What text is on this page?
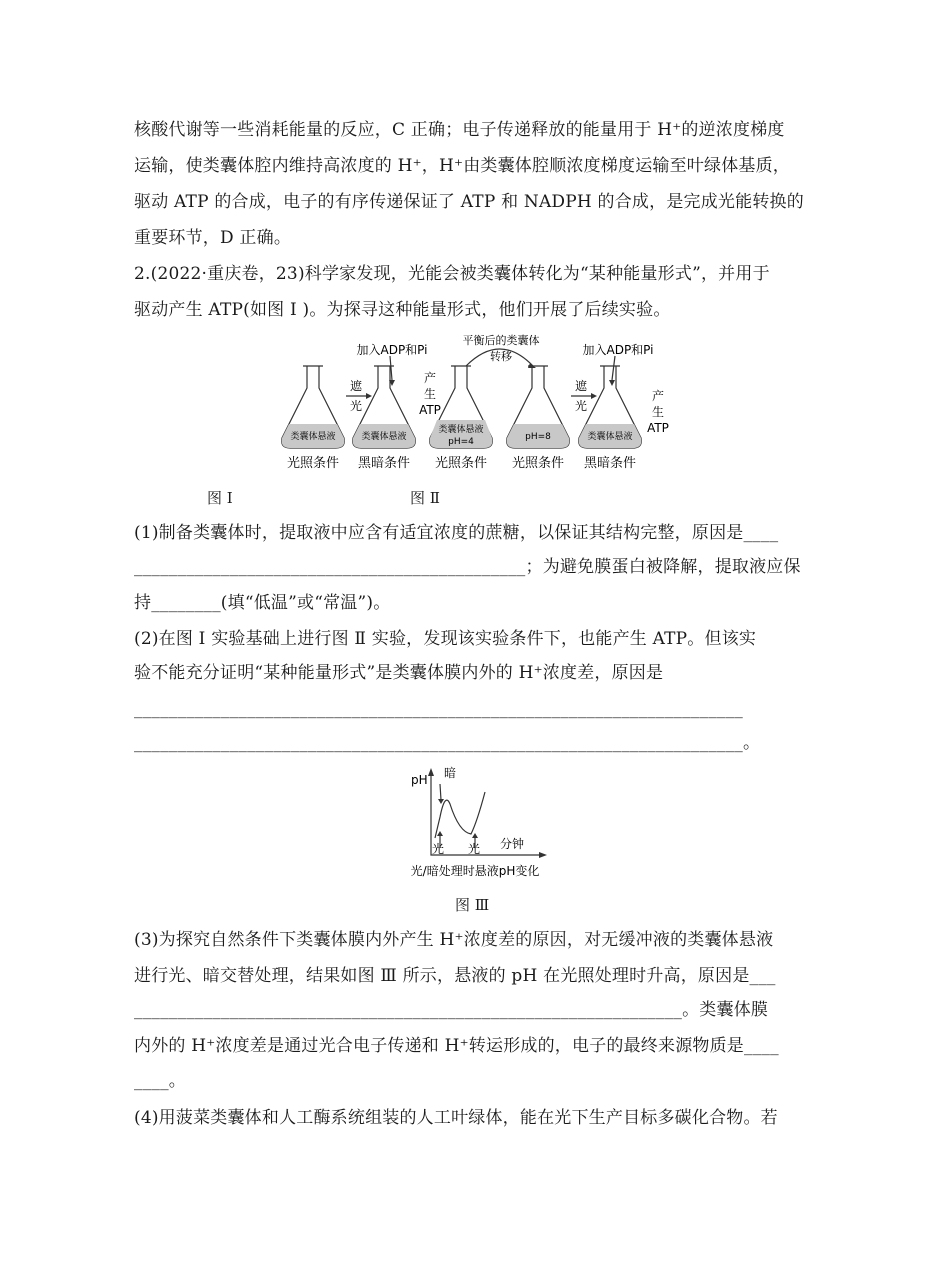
核酸代谢等一些消耗能量的反应，C 正确；电子传递释放的能量用于 H⁺的逆浓度梯度
运输，使类囊体腔内维持高浓度的 H⁺，H⁺由类囊体腔顺浓度梯度运输至叶绿体基质，
驱动 ATP 的合成，电子的有序传递保证了 ATP 和 NADPH 的合成，是完成光能转换的
重要环节，D 正确。
2.(2022·重庆卷，23)科学家发现，光能会被类囊体转化为“某种能量形式”，并用于
驱动产生 ATP(如图 Ⅰ )。为探寻这种能量形式，他们开展了后续实验。
类囊体悬液	类囊体悬液
类囊体悬液
pH=4	pH=8	类囊体悬液
遮
光
遮
光
加入ADP和Pi	加入ADP和Pi
产
生
ATP
产
生
ATP
平衡后的类囊体
转移
光照条件 黑暗条件 光照条件 光照条件 黑暗条件
图 Ⅰ	图 Ⅱ
(1)制备类囊体时，提取液中应含有适宜浓度的蔗糖，以保证其结构完整，原因是____
_____________________________________________；为避免膜蛋白被降解，提取液应保
持________(填“低温”或“常温”)。
(2)在图 Ⅰ 实验基础上进行图 Ⅱ 实验，发现该实验条件下，也能产生 ATP。但该实
验不能充分证明“某种能量形式”是类囊体膜内外的 H⁺浓度差，原因是
______________________________________________________________________
______________________________________________________________________。
pH 暗
光 光 分钟
光/暗处理时悬液pH变化
图 Ⅲ
(3)为探究自然条件下类囊体膜内外产生 H⁺浓度差的原因，对无缓冲液的类囊体悬液
进行光、暗交替处理，结果如图 Ⅲ 所示，悬液的 pH 在光照处理时升高，原因是___
_______________________________________________________________。类囊体膜
内外的 H⁺浓度差是通过光合电子传递和 H⁺转运形成的，电子的最终来源物质是____
____。
(4)用菠菜类囊体和人工酶系统组装的人工叶绿体，能在光下生产目标多碳化合物。若
